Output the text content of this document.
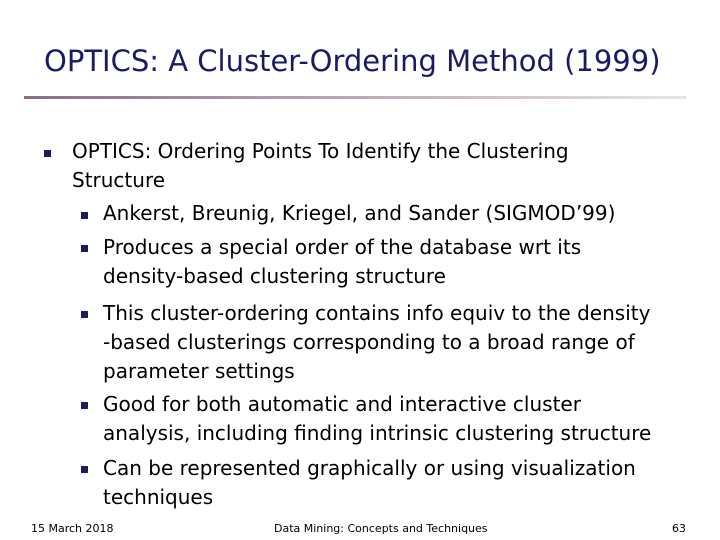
OPTICS: A Cluster-Ordering Method (1999)
OPTICS: Ordering Points To Identify the Clustering
Structure
Ankerst, Breunig, Kriegel, and Sander (SIGMOD’99)
Produces a special order of the database wrt its
density-based clustering structure
This cluster-ordering contains info equiv to the density
-based clusterings corresponding to a broad range of
parameter settings
Good for both automatic and interactive cluster
analysis, including finding intrinsic clustering structure
Can be represented graphically or using visualization
techniques
15 March 2018	Data Mining: Concepts and Techniques	63
